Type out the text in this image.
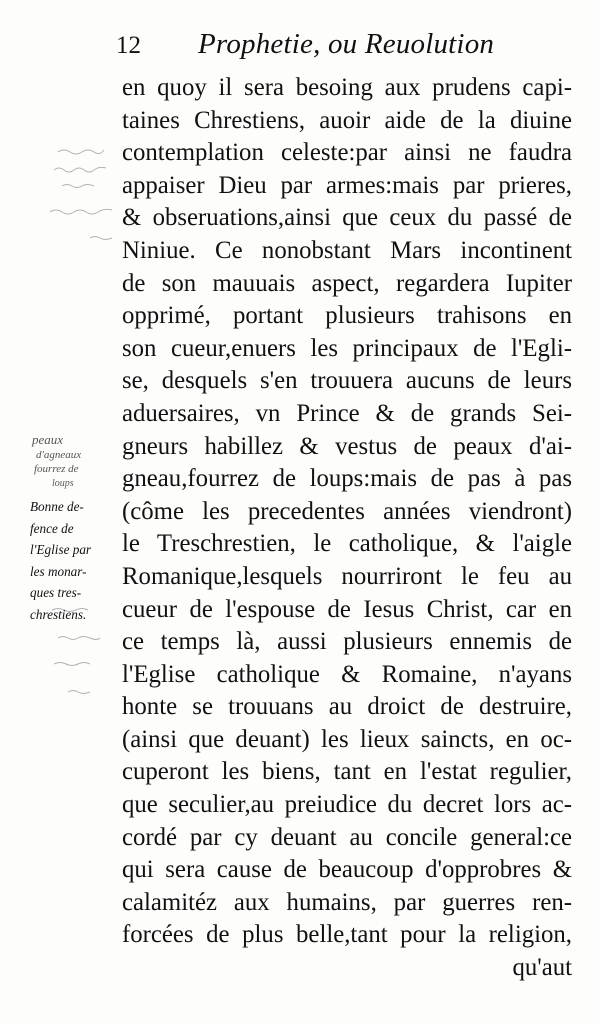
12 Prophetie, ou Reuolution
peaux
d'agneaux
fourrez de
loups
Bonne de-
fence de
l'Eglise par
les monar-
ques tres-
chrestiens.
en quoy il sera besoing aux prudens capi-
taines Chrestiens, auoir aide de la diuine
contemplation celeste:par ainsi ne faudra
appaiser Dieu par armes:mais par prieres,
& obseruations,ainsi que ceux du passé de
Niniue. Ce nonobstant Mars incontinent
de son mauuais aspect, regardera Iupiter
opprimé, portant plusieurs trahisons en
son cueur,enuers les principaux de l'Egli-
se, desquels s'en trouuera aucuns de leurs
aduersaires, vn Prince & de grands Sei-
gneurs habillez & vestus de peaux d'ai-
gneau,fourrez de loups:mais de pas à pas
(côme les precedentes années viendront)
le Treschrestien, le catholique, & l'aigle
Romanique,lesquels nourriront le feu au
cueur de l'espouse de Iesus Christ, car en
ce temps là, aussi plusieurs ennemis de
l'Eglise catholique & Romaine, n'ayans
honte se trouuans au droict de destruire,
(ainsi que deuant) les lieux saincts, en oc-
cuperont les biens, tant en l'estat regulier,
que seculier,au preiudice du decret lors ac-
cordé par cy deuant au concile general:ce
qui sera cause de beaucoup d'opprobres &
calamitéz aux humains, par guerres ren-
forcées de plus belle,tant pour la religion,
qu'aut
